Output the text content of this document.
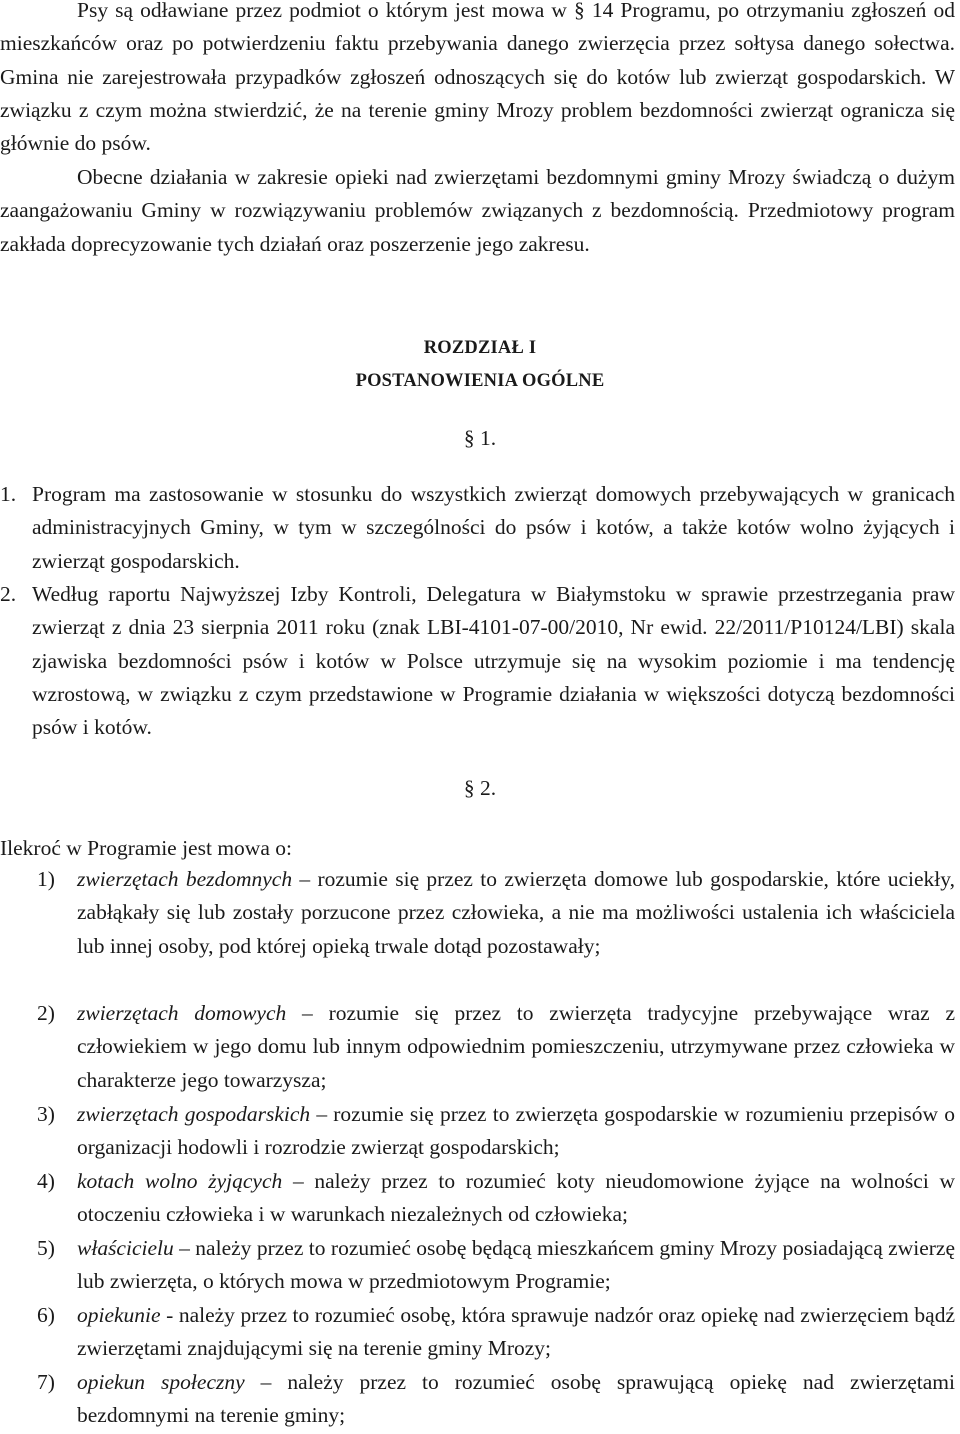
Psy są odławiane przez podmiot o którym jest mowa w § 14 Programu, po otrzymaniu zgłoszeń od mieszkańców oraz po potwierdzeniu faktu przebywania danego zwierzęcia przez sołtysa danego sołectwa. Gmina nie zarejestrowała przypadków zgłoszeń odnoszących się do kotów lub zwierząt gospodarskich. W związku z czym można stwierdzić, że na terenie gminy Mrozy problem bezdomności zwierząt ogranicza się głównie do psów.

Obecne działania w zakresie opieki nad zwierzętami bezdomnymi gminy Mrozy świadczą o dużym zaangażowaniu Gminy w rozwiązywaniu problemów związanych z bezdomnością. Przedmiotowy program zakłada doprecyzowanie tych działań oraz poszerzenie jego zakresu.

ROZDZIAŁ I

POSTANOWIENIA OGÓLNE

§ 1.

1. Program ma zastosowanie w stosunku do wszystkich zwierząt domowych przebywających w granicach administracyjnych Gminy, w tym w szczególności do psów i kotów, a także kotów wolno żyjących i zwierząt gospodarskich.
2. Według raportu Najwyższej Izby Kontroli, Delegatura w Białymstoku w sprawie przestrzegania praw zwierząt z dnia 23 sierpnia 2011 roku (znak LBI-4101-07-00/2010, Nr ewid. 22/2011/P10124/LBI) skala zjawiska bezdomności psów i kotów w Polsce utrzymuje się na wysokim poziomie i ma tendencję wzrostową, w związku z czym przedstawione w Programie działania w większości dotyczą bezdomności psów i kotów.

§ 2.

Ilekroć w Programie jest mowa o:

1) zwierzętach bezdomnych – rozumie się przez to zwierzęta domowe lub gospodarskie, które uciekły, zabłąkały się lub zostały porzucone przez człowieka, a nie ma możliwości ustalenia ich właściciela lub innej osoby, pod której opieką trwale dotąd pozostawały;
2) zwierzętach domowych – rozumie się przez to zwierzęta tradycyjne przebywające wraz z człowiekiem w jego domu lub innym odpowiednim pomieszczeniu, utrzymywane przez człowieka w charakterze jego towarzysza;
3) zwierzętach gospodarskich – rozumie się przez to zwierzęta gospodarskie w rozumieniu przepisów o organizacji hodowli i rozrodzie zwierząt gospodarskich;
4) kotach wolno żyjących – należy przez to rozumieć koty nieudomowione żyjące na wolności w otoczeniu człowieka i w warunkach niezależnych od człowieka;
5) właścicielu – należy przez to rozumieć osobę będącą mieszkańcem gminy Mrozy posiadającą zwierzę lub zwierzęta, o których mowa w przedmiotowym Programie;
6) opiekunie - należy przez to rozumieć osobę, która sprawuje nadzór oraz opiekę nad zwierzęciem bądź zwierzętami znajdującymi się na terenie gminy Mrozy;
7) opiekun społeczny – należy przez to rozumieć osobę sprawującą opiekę nad zwierzętami bezdomnymi na terenie gminy;
